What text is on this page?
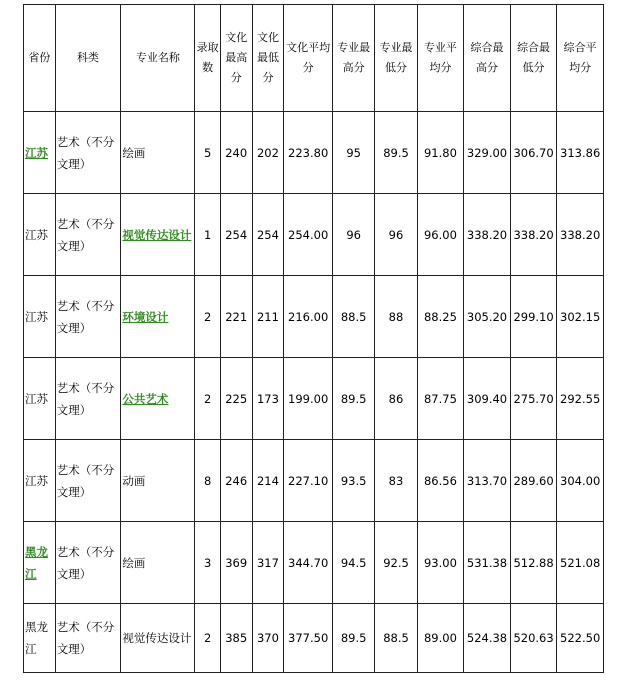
省份	科类	专业名称	录取数	文化最高分	文化最低分	文化平均分	专业最高分	专业最低分	专业平均分	综合最高分	综合最低分	综合平均分
江苏	艺术（不分文理）	绘画	5	240	202	223.80	95	89.5	91.80	329.00	306.70	313.86
江苏	艺术（不分文理）	视觉传达设计	1	254	254	254.00	96	96	96.00	338.20	338.20	338.20
江苏	艺术（不分文理）	环境设计	2	221	211	216.00	88.5	88	88.25	305.20	299.10	302.15
江苏	艺术（不分文理）	公共艺术	2	225	173	199.00	89.5	86	87.75	309.40	275.70	292.55
江苏	艺术（不分文理）	动画	8	246	214	227.10	93.5	83	86.56	313.70	289.60	304.00
黑龙江	艺术（不分文理）	绘画	3	369	317	344.70	94.5	92.5	93.00	531.38	512.88	521.08
黑龙江	艺术（不分文理）	视觉传达设计	2	385	370	377.50	89.5	88.5	89.00	524.38	520.63	522.50
